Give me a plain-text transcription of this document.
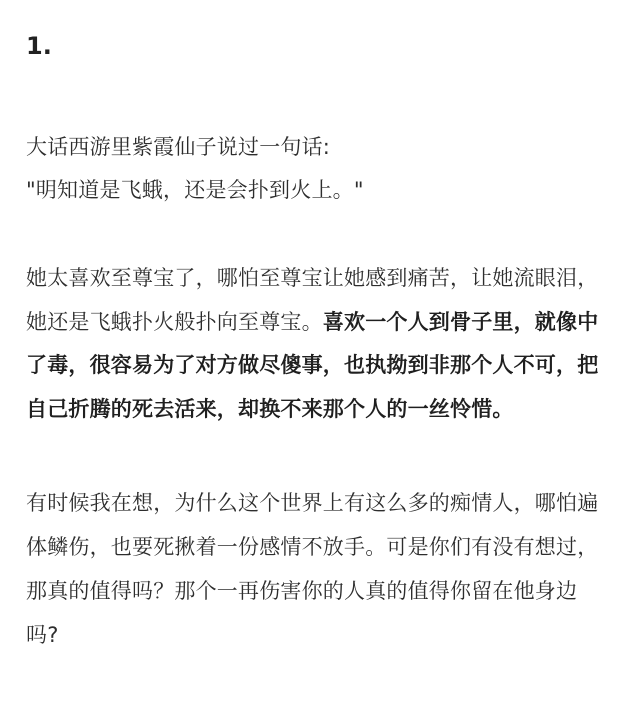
1.
大话西游里紫霞仙子说过一句话:
"明知道是飞蛾，还是会扑到火上。"
她太喜欢至尊宝了，哪怕至尊宝让她感到痛苦，让她流眼泪，
她还是飞蛾扑火般扑向至尊宝。喜欢一个人到骨子里，就像中
了毒，很容易为了对方做尽傻事，也执拗到非那个人不可，把
自己折腾的死去活来，却换不来那个人的一丝怜惜。
有时候我在想，为什么这个世界上有这么多的痴情人，哪怕遍
体鳞伤，也要死揪着一份感情不放手。可是你们有没有想过，
那真的值得吗？那个一再伤害你的人真的值得你留在他身边
吗?
